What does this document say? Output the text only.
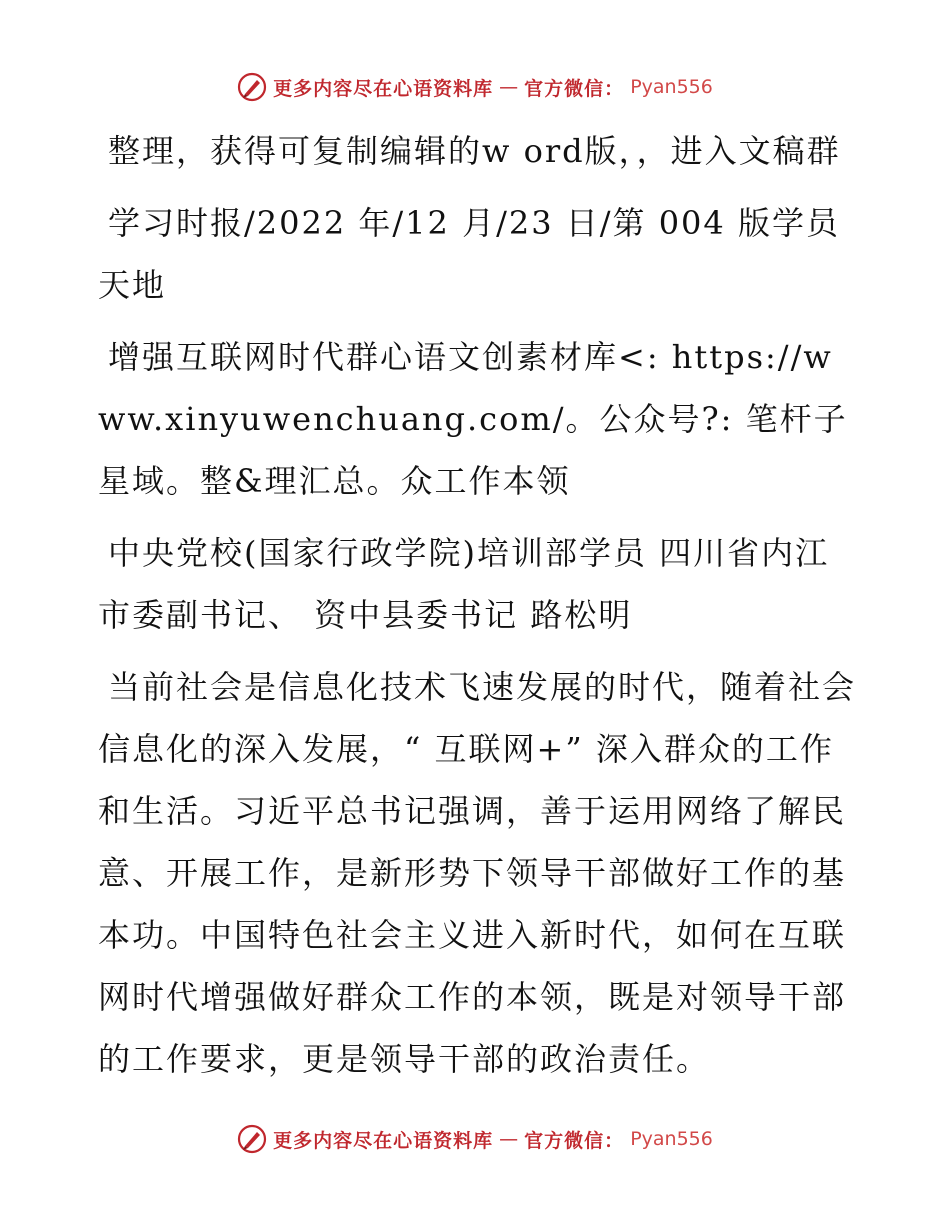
更多内容尽在心语资料库 — 官方微信： Pyan556

整理，获得可复制编辑的w ord版，，进入文稿群

学习时报/2022 年/12 月/23 日/第 004 版学员天地

增强互联网时代群心语文创素材库<: https://www.xinyuwenchuang.com/。公众号?: 笔杆子星域。整&理汇总。众工作本领

中央党校(国家行政学院)培训部学员 四川省内江市委副书记、 资中县委书记 路松明

当前社会是信息化技术飞速发展的时代，随着社会信息化的深入发展，“ 互联网+” 深入群众的工作和生活。习近平总书记强调，善于运用网络了解民意、开展工作，是新形势下领导干部做好工作的基本功。中国特色社会主义进入新时代，如何在互联网时代增强做好群众工作的本领，既是对领导干部的工作要求，更是领导干部的政治责任。

更多内容尽在心语资料库 — 官方微信： Pyan556
